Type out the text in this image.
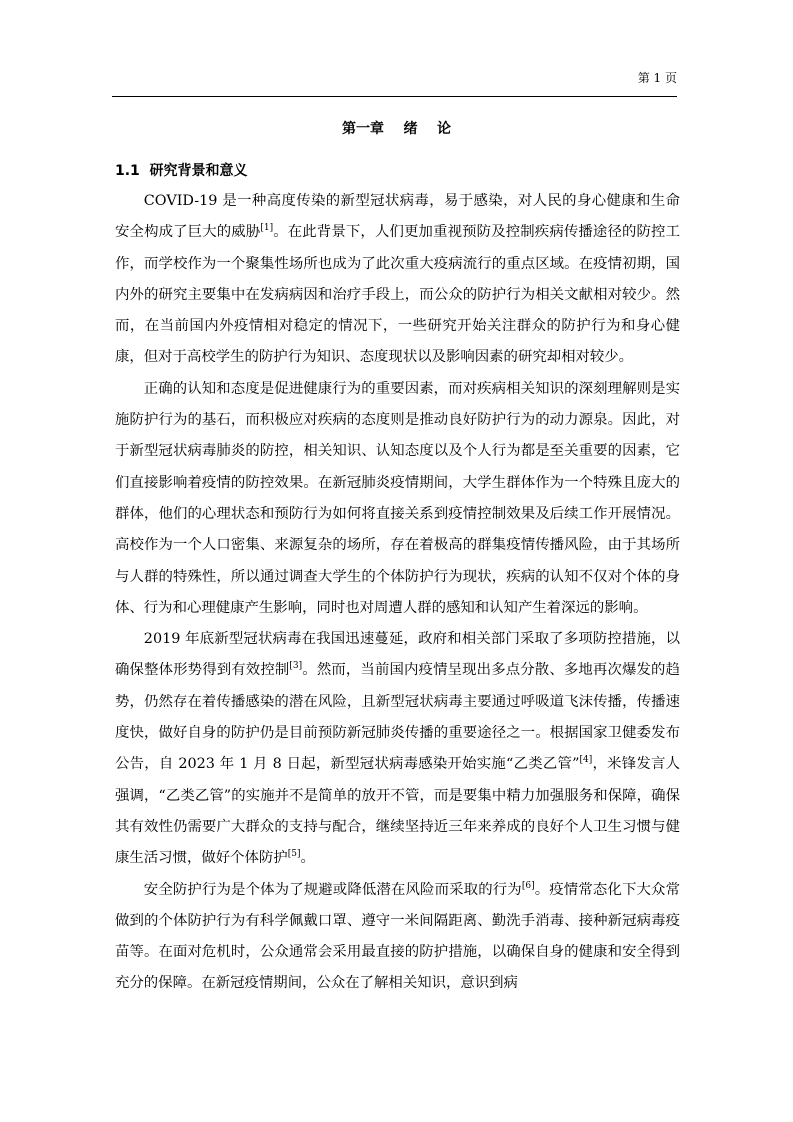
第 1 页
第一章    绪    论
1.1  研究背景和意义

COVID-19 是一种高度传染的新型冠状病毒，易于感染，对人民的身心健康和生命安全构成了巨大的威胁[1]。在此背景下，人们更加重视预防及控制疾病传播途径的防控工作，而学校作为一个聚集性场所也成为了此次重大疫病流行的重点区域。在疫情初期，国内外的研究主要集中在发病病因和治疗手段上，而公众的防护行为相关文献相对较少。然而，在当前国内外疫情相对稳定的情况下，一些研究开始关注群众的防护行为和身心健康，但对于高校学生的防护行为知识、态度现状以及影响因素的研究却相对较少。

正确的认知和态度是促进健康行为的重要因素，而对疾病相关知识的深刻理解则是实施防护行为的基石，而积极应对疾病的态度则是推动良好防护行为的动力源泉。因此，对于新型冠状病毒肺炎的防控，相关知识、认知态度以及个人行为都是至关重要的因素，它们直接影响着疫情的防控效果。在新冠肺炎疫情期间，大学生群体作为一个特殊且庞大的群体，他们的心理状态和预防行为如何将直接关系到疫情控制效果及后续工作开展情况。高校作为一个人口密集、来源复杂的场所，存在着极高的群集疫情传播风险，由于其场所与人群的特殊性，所以通过调查大学生的个体防护行为现状，疾病的认知不仅对个体的身体、行为和心理健康产生影响，同时也对周遭人群的感知和认知产生着深远的影响。

2019 年底新型冠状病毒在我国迅速蔓延，政府和相关部门采取了多项防控措施，以确保整体形势得到有效控制[3]。然而，当前国内疫情呈现出多点分散、多地再次爆发的趋势，仍然存在着传播感染的潜在风险，且新型冠状病毒主要通过呼吸道飞沫传播，传播速度快，做好自身的防护仍是目前预防新冠肺炎传播的重要途径之一。根据国家卫健委发布公告，自 2023 年 1 月 8 日起，新型冠状病毒感染开始实施“乙类乙管”[4]，米锋发言人强调，“乙类乙管”的实施并不是简单的放开不管，而是要集中精力加强服务和保障，确保其有效性仍需要广大群众的支持与配合，继续坚持近三年来养成的良好个人卫生习惯与健康生活习惯，做好个体防护[5]。

安全防护行为是个体为了规避或降低潜在风险而采取的行为[6]。疫情常态化下大众常做到的个体防护行为有科学佩戴口罩、遵守一米间隔距离、勤洗手消毒、接种新冠病毒疫苗等。在面对危机时，公众通常会采用最直接的防护措施，以确保自身的健康和安全得到充分的保障。在新冠疫情期间，公众在了解相关知识，意识到病
